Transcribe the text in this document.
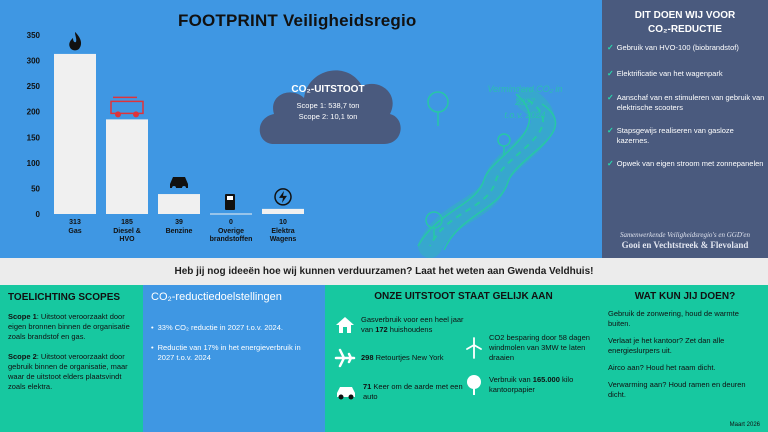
0
50
100
150
200
250
300
350
313
Gas
185
Diesel &
HVO
39
Benzine
0
Overige
brandstoffen
10
Elektra
Wagens
FOOTPRINT Veiligheidsregio
CO₂-UITSTOOT
Scope 1: 538,7 ton
Scope 2: 10,1 ton
Verminderd CO₂ in 2027
t.o.v. 2024
DIT DOEN WIJ VOOR
CO₂-REDUCTIE
✓ Gebruik van HVO-100 (biobrandstof)
✓ Elektrificatie van het wagenpark
✓ Aanschaf van en stimuleren van gebruik van elektrische scooters
✓ Stapsgewijs realiseren van gasloze kazernes.
✓ Opwek van eigen stroom met zonnepanelen
Samenwerkende Veiligheidsregio's en GGD'en
Gooi en Vechtstreek & Flevoland
Heb jij nog ideeën hoe wij kunnen verduurzamen? Laat het weten aan Gwenda Veldhuis!
TOELICHTING SCOPES
Scope 1: Uitstoot veroorzaakt door eigen bronnen binnen de organisatie zoals brandstof en gas.
Scope 2: Uitstoot veroorzaakt door gebruik binnen de organisatie, maar waar de uitstoot elders plaatsvindt zoals elektra.
CO₂-reductiedoelstellingen
• 33% CO₂ reductie in 2027 t.o.v. 2024.
• Reductie van 17% in het energieverbruik in 2027 t.o.v. 2024
ONZE UITSTOOT STAAT GELIJK AAN
Gasverbruik voor een heel jaar van 172 huishoudens
298 Retourtjes New York
71 Keer om de aarde met een auto
CO2 besparing door 58 dagen windmolen van 3MW te laten draaien
Verbruik van 165.000 kilo kantoorpapier
WAT KUN JIJ DOEN?
Gebruik de zonwering, houd de warmte buiten.
Verlaat je het kantoor? Zet dan alle energieslurpers uit.
Airco aan? Houd het raam dicht.
Verwarming aan? Houd ramen en deuren dicht.
Maart 2026
